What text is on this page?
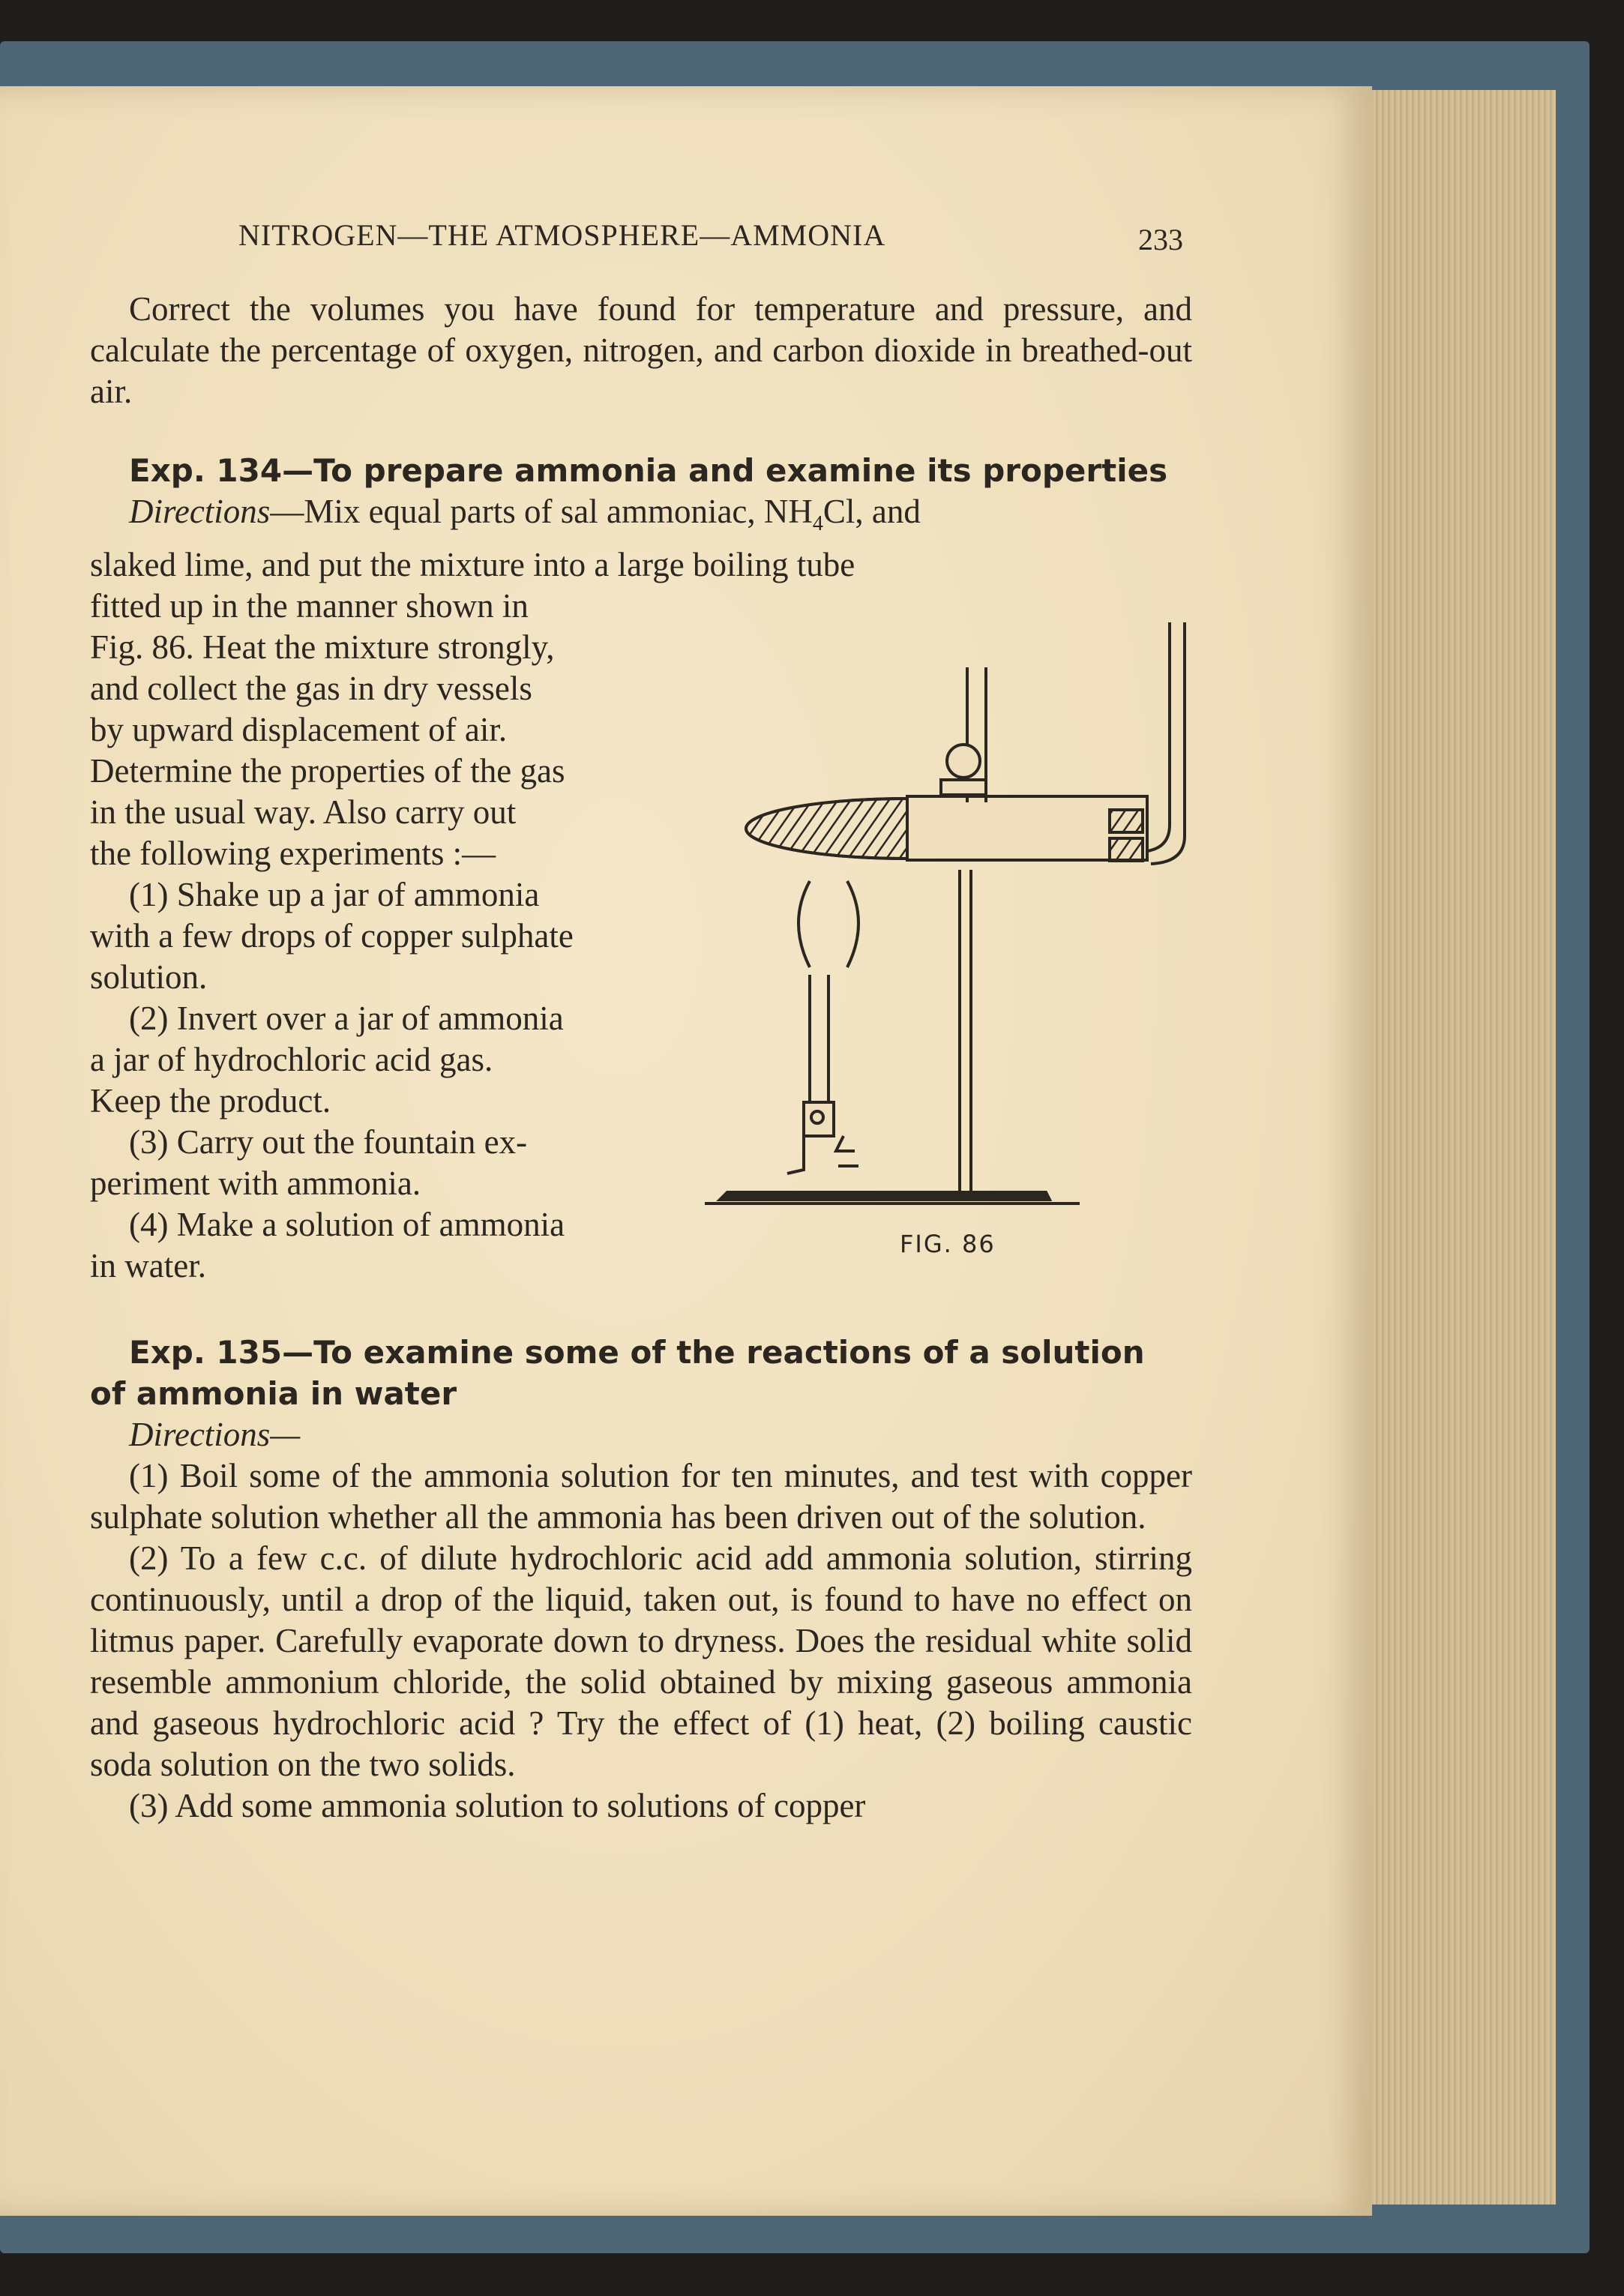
NITROGEN—THE ATMOSPHERE—AMMONIA	233

Correct the volumes you have found for temperature and pressure, and calculate the percentage of oxygen, nitrogen, and carbon dioxide in breathed-out air.

Exp. 134—To prepare ammonia and examine its properties

Directions—Mix equal parts of sal ammoniac, $NH_4Cl$, and

slaked lime, and put the mixture into a large boiling tube

fitted up in the manner shown in

Fig. 86. Heat the mixture strongly,

and collect the gas in dry vessels

by upward displacement of air.

Determine the properties of the gas

in the usual way. Also carry out

the following experiments :—

(1) Shake up a jar of ammonia

with a few drops of copper sulphate

solution.

(2) Invert over a jar of ammonia

a jar of hydrochloric acid gas.

Keep the product.

(3) Carry out the fountain ex-

periment with ammonia.

(4) Make a solution of ammonia

in water.

Exp. 135—To examine some of the reactions of a solution

of ammonia in water

Directions—

(1) Boil some of the ammonia solution for ten minutes, and test with copper sulphate solution whether all the ammonia has been driven out of the solution.

(2) To a few c.c. of dilute hydrochloric acid add ammonia solution, stirring continuously, until a drop of the liquid, taken out, is found to have no effect on litmus paper. Carefully evaporate down to dryness. Does the residual white solid resemble ammonium chloride, the solid obtained by mixing gaseous ammonia and gaseous hydrochloric acid ? Try the effect of (1) heat, (2) boiling caustic soda solution on the two solids.

(3) Add some ammonia solution to solutions of copper

FIG. 86
